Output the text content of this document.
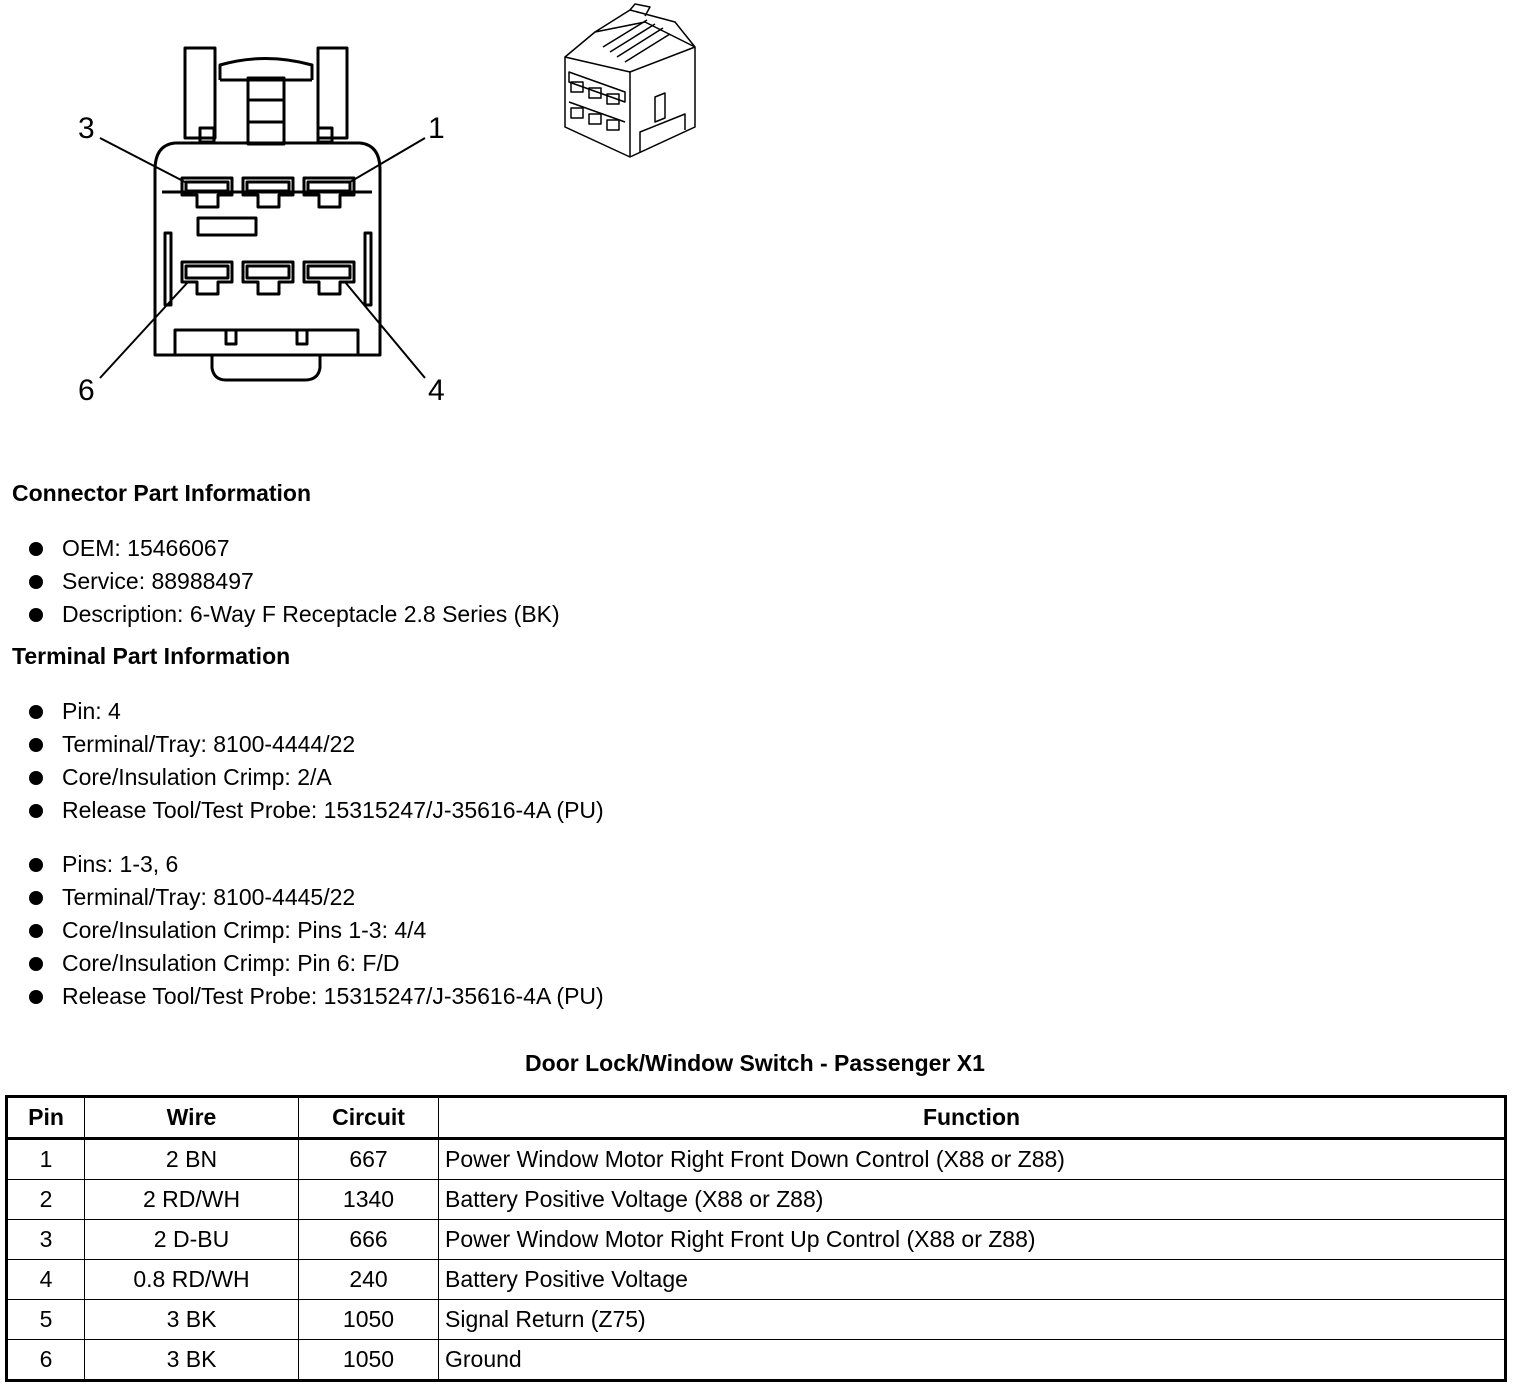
3	1
6	4
Connector Part Information
OEM: 15466067
Service: 88988497
Description: 6-Way F Receptacle 2.8 Series (BK)
Terminal Part Information
Pin: 4
Terminal/Tray: 8100-4444/22
Core/Insulation Crimp: 2/A
Release Tool/Test Probe: 15315247/J-35616-4A (PU)
Pins: 1-3, 6
Terminal/Tray: 8100-4445/22
Core/Insulation Crimp: Pins 1-3: 4/4
Core/Insulation Crimp: Pin 6: F/D
Release Tool/Test Probe: 15315247/J-35616-4A (PU)
Door Lock/Window Switch - Passenger X1
Pin	Wire	Circuit	Function
1	2 BN	667	Power Window Motor Right Front Down Control (X88 or Z88)
2	2 RD/WH	1340	Battery Positive Voltage (X88 or Z88)
3	2 D-BU	666	Power Window Motor Right Front Up Control (X88 or Z88)
4	0.8 RD/WH	240	Battery Positive Voltage
5	3 BK	1050	Signal Return (Z75)
6	3 BK	1050	Ground
